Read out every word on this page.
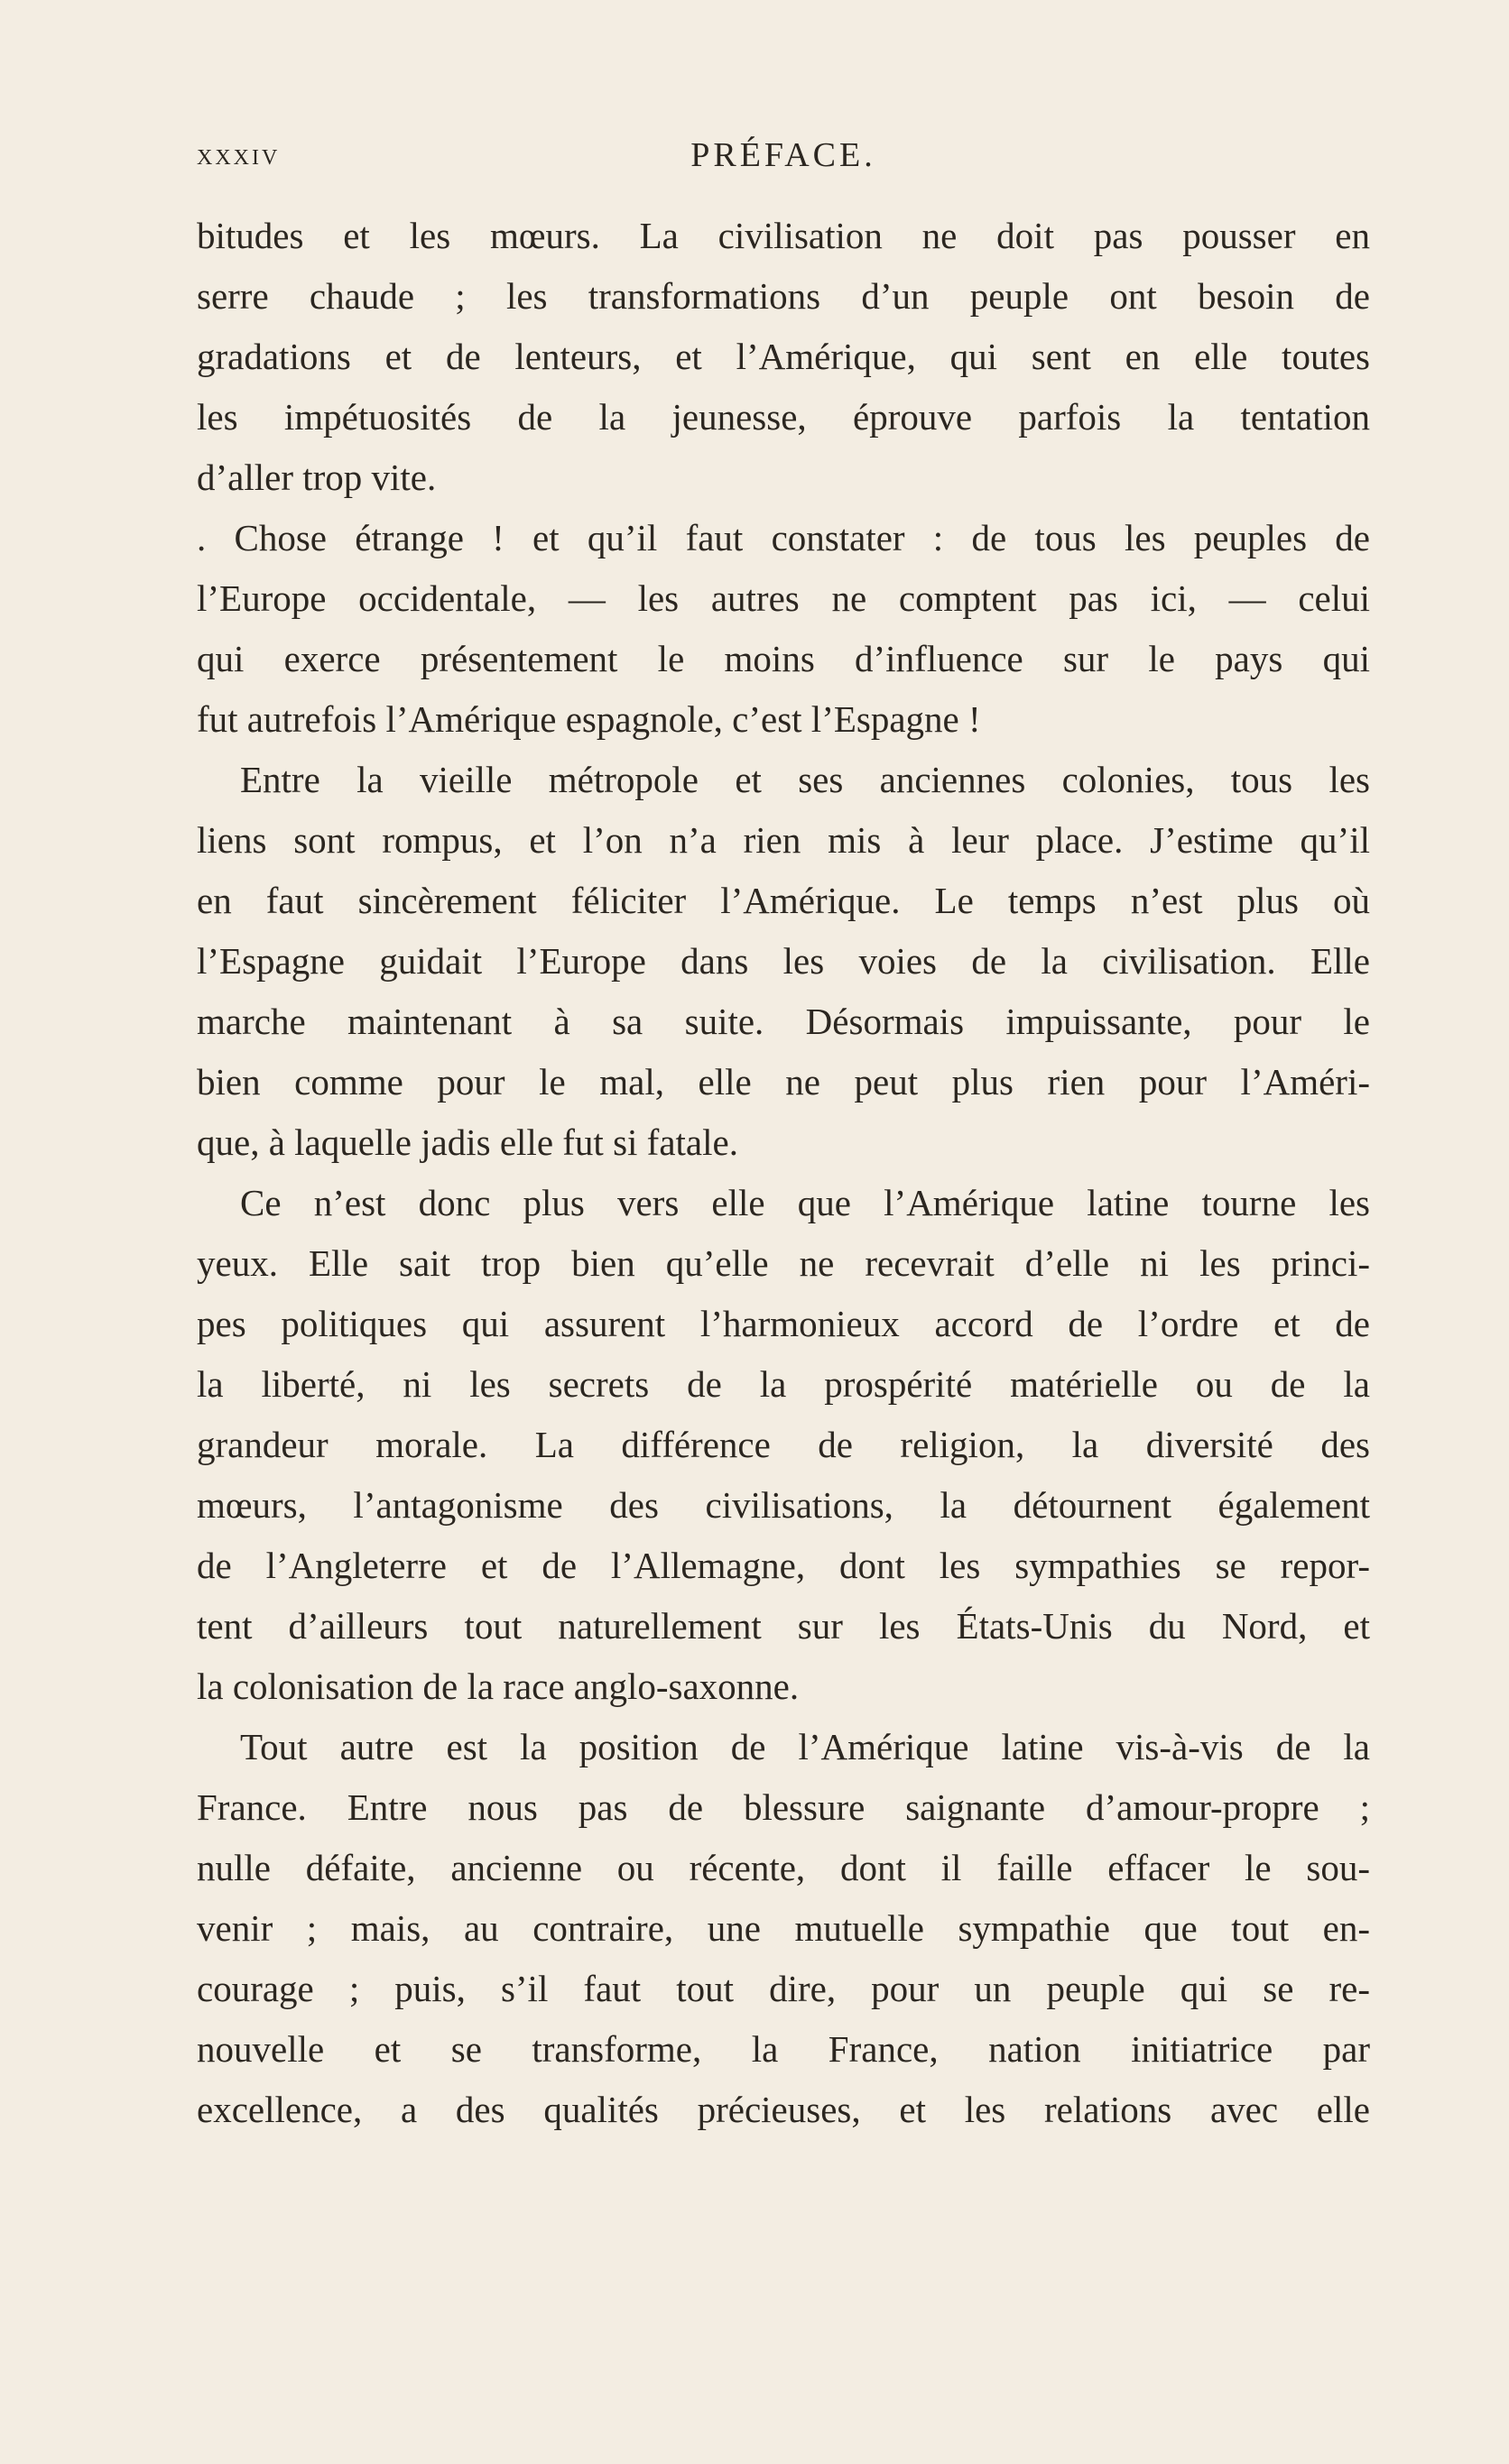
XXXIV	PRÉFACE.
bitudes et les mœurs. La civilisation ne doit pas pousser en
serre chaude ; les transformations d’un peuple ont besoin de
gradations et de lenteurs, et l’Amérique, qui sent en elle toutes
les impétuosités de la jeunesse, éprouve parfois la tentation
d’aller trop vite.
. Chose étrange ! et qu’il faut constater : de tous les peuples de
l’Europe occidentale, — les autres ne comptent pas ici, — celui
qui exerce présentement le moins d’influence sur le pays qui
fut autrefois l’Amérique espagnole, c’est l’Espagne !
Entre la vieille métropole et ses anciennes colonies, tous les
liens sont rompus, et l’on n’a rien mis à leur place. J’estime qu’il
en faut sincèrement féliciter l’Amérique. Le temps n’est plus où
l’Espagne guidait l’Europe dans les voies de la civilisation. Elle
marche maintenant à sa suite. Désormais impuissante, pour le
bien comme pour le mal, elle ne peut plus rien pour l’Améri-
que, à laquelle jadis elle fut si fatale.
Ce n’est donc plus vers elle que l’Amérique latine tourne les
yeux. Elle sait trop bien qu’elle ne recevrait d’elle ni les princi-
pes politiques qui assurent l’harmonieux accord de l’ordre et de
la liberté, ni les secrets de la prospérité matérielle ou de la
grandeur morale. La différence de religion, la diversité des
mœurs, l’antagonisme des civilisations, la détournent également
de l’Angleterre et de l’Allemagne, dont les sympathies se repor-
tent d’ailleurs tout naturellement sur les États-Unis du Nord, et
la colonisation de la race anglo-saxonne.
Tout autre est la position de l’Amérique latine vis-à-vis de la
France. Entre nous pas de blessure saignante d’amour-propre ;
nulle défaite, ancienne ou récente, dont il faille effacer le sou-
venir ; mais, au contraire, une mutuelle sympathie que tout en-
courage ; puis, s’il faut tout dire, pour un peuple qui se re-
nouvelle et se transforme, la France, nation initiatrice par
excellence, a des qualités précieuses, et les relations avec elle
